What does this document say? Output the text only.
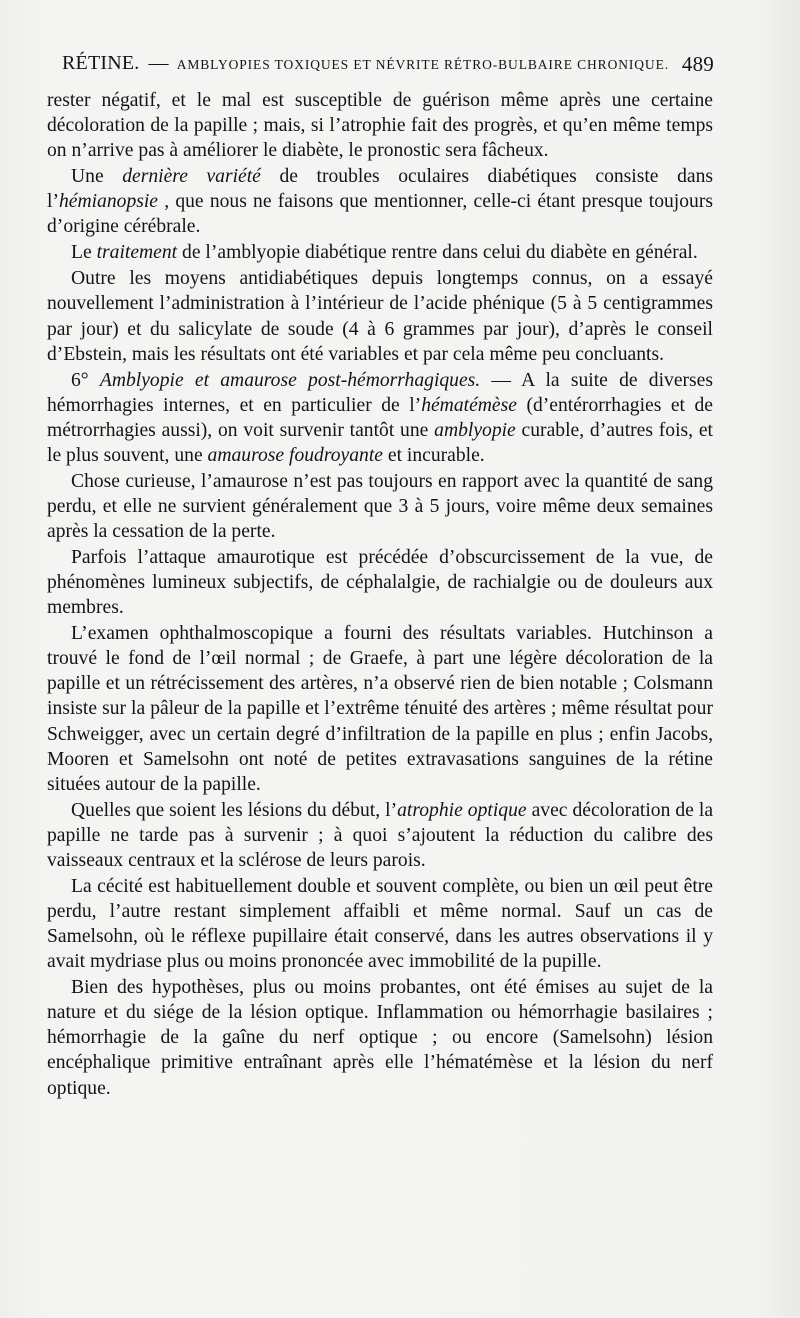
RÉTINE. — AMBLYOPIES TOXIQUES ET NÉVRITE RÉTRO-BULBAIRE CHRONIQUE. 489

rester négatif, et le mal est susceptible de guérison même après une certaine décoloration de la papille ; mais, si l’atrophie fait des progrès, et qu’en même temps on n’arrive pas à améliorer le diabète, le pronostic sera fâcheux.

Une dernière variété de troubles oculaires diabétiques consiste dans l’hémianopsie , que nous ne faisons que mentionner, celle-ci étant presque toujours d’origine cérébrale.

Le traitement de l’amblyopie diabétique rentre dans celui du diabète en général.

Outre les moyens antidiabétiques depuis longtemps connus, on a essayé nouvellement l’administration à l’intérieur de l’acide phénique (5 à 5 centigrammes par jour) et du salicylate de soude (4 à 6 grammes par jour), d’après le conseil d’Ebstein, mais les résultats ont été variables et par cela même peu concluants.

6° Amblyopie et amaurose post-hémorrhagiques. — A la suite de diverses hémorrhagies internes, et en particulier de l’hématémèse (d’entérorrhagies et de métrorrhagies aussi), on voit survenir tantôt une amblyopie curable, d’autres fois, et le plus souvent, une amaurose foudroyante et incurable.

Chose curieuse, l’amaurose n’est pas toujours en rapport avec la quantité de sang perdu, et elle ne survient généralement que 3 à 5 jours, voire même deux semaines après la cessation de la perte.

Parfois l’attaque amaurotique est précédée d’obscurcissement de la vue, de phénomènes lumineux subjectifs, de céphalalgie, de rachialgie ou de douleurs aux membres.

L’examen ophthalmoscopique a fourni des résultats variables. Hutchinson a trouvé le fond de l’œil normal ; de Graefe, à part une légère décoloration de la papille et un rétrécissement des artères, n’a observé rien de bien notable ; Colsmann insiste sur la pâleur de la papille et l’extrême ténuité des artères ; même résultat pour Schweigger, avec un certain degré d’infiltration de la papille en plus ; enfin Jacobs, Mooren et Samelsohn ont noté de petites extravasations sanguines de la rétine situées autour de la papille.

Quelles que soient les lésions du début, l’atrophie optique avec décoloration de la papille ne tarde pas à survenir ; à quoi s’ajoutent la réduction du calibre des vaisseaux centraux et la sclérose de leurs parois.

La cécité est habituellement double et souvent complète, ou bien un œil peut être perdu, l’autre restant simplement affaibli et même normal. Sauf un cas de Samelsohn, où le réflexe pupillaire était conservé, dans les autres observations il y avait mydriase plus ou moins prononcée avec immobilité de la pupille.

Bien des hypothèses, plus ou moins probantes, ont été émises au sujet de la nature et du siége de la lésion optique. Inflammation ou hémorrhagie basilaires ; hémorrhagie de la gaîne du nerf optique ; ou encore (Samelsohn) lésion encéphalique primitive entraînant après elle l’hématémèse et la lésion du nerf optique.
